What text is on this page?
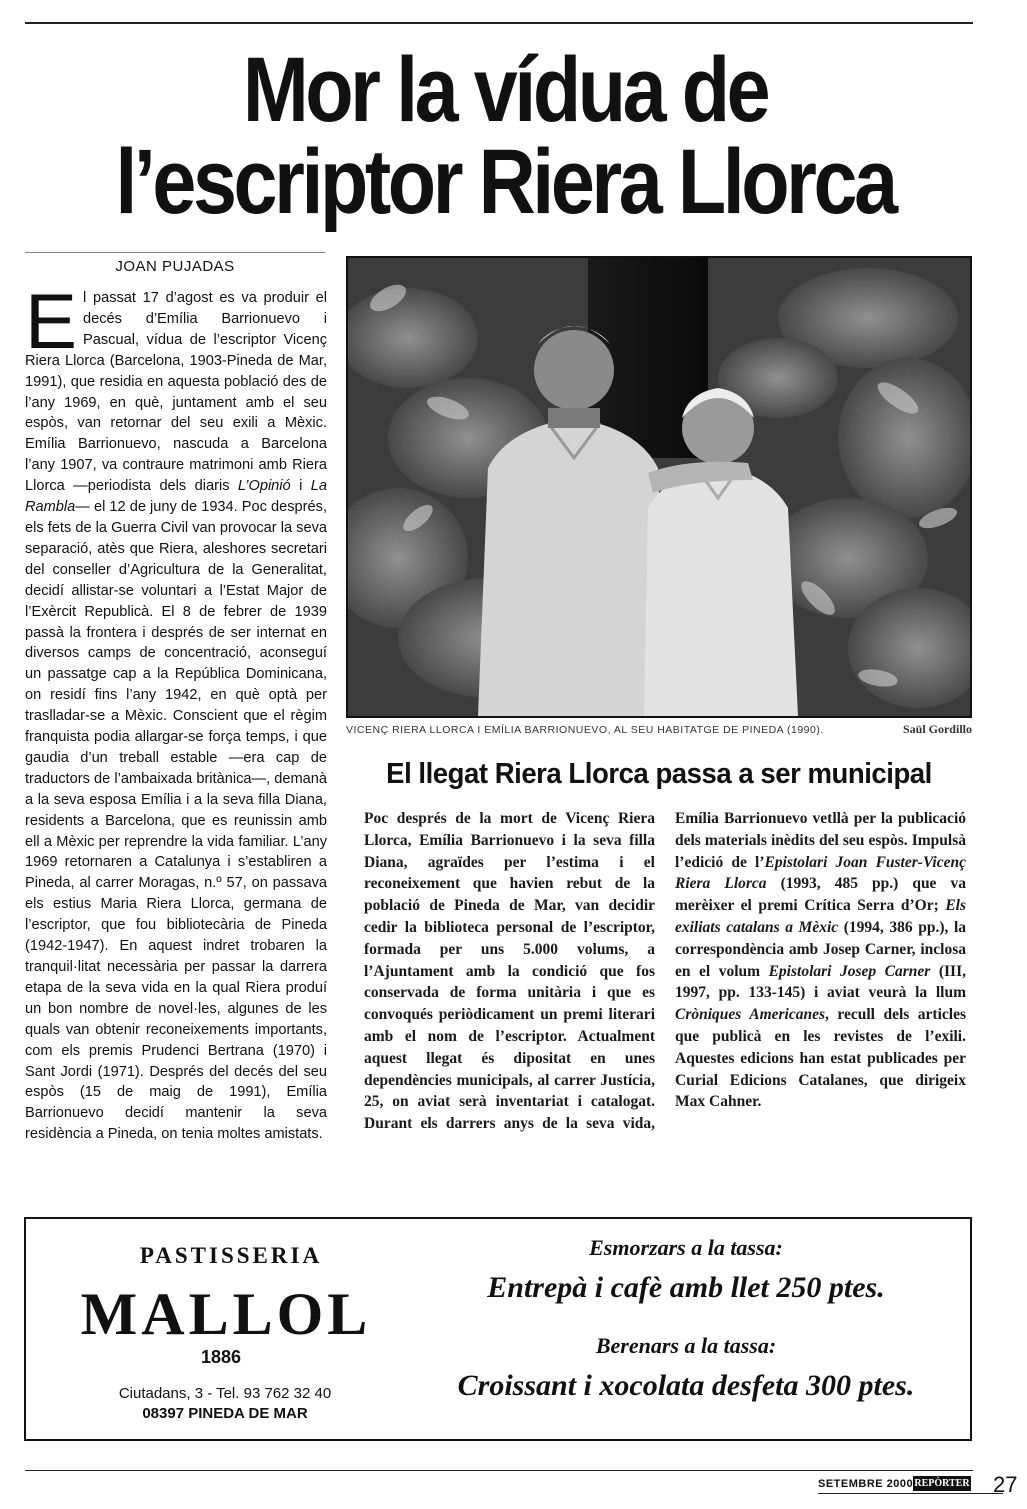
Mor la vídua de
l’escriptor Riera Llorca
JOAN PUJADAS
El passat 17 d’agost es va produir el decés d’Emília Barrionuevo i Pascual, vídua de l’escriptor Vicenç Riera Llorca (Barcelona, 1903-Pineda de Mar, 1991), que residia en aquesta població des de l’any 1969, en què, juntament amb el seu espòs, van retornar del seu exili a Mèxic. Emília Barrionuevo, nascuda a Barcelona l’any 1907, va contraure matrimoni amb Riera Llorca —periodista dels diaris L’Opinió i La Rambla— el 12 de juny de 1934. Poc després, els fets de la Guerra Civil van provocar la seva separació, atès que Riera, aleshores secretari del conseller d’Agricultura de la Generalitat, decidí allistar-se voluntari a l’Estat Major de l’Exèrcit Republicà. El 8 de febrer de 1939 passà la frontera i després de ser internat en diversos camps de concentració, aconseguí un passatge cap a la República Dominicana, on residí fins l’any 1942, en què optà per traslladar-se a Mèxic. Conscient que el règim franquista podia allargar-se força temps, i que gaudia d’un treball estable —era cap de traductors de l’ambaixada britànica—, demanà a la seva esposa Emília i a la seva filla Diana, residents a Barcelona, que es reunissin amb ell a Mèxic per reprendre la vida familiar. L’any 1969 retornaren a Catalunya i s’establiren a Pineda, al carrer Moragas, n.º 57, on passava els estius Maria Riera Llorca, germana de l’escriptor, que fou bibliotecària de Pineda (1942-1947). En aquest indret trobaren la tranquil·litat necessària per passar la darrera etapa de la seva vida en la qual Riera produí un bon nombre de novel·les, algunes de les quals van obtenir reconeixements importants, com els premis Prudenci Bertrana (1970) i Sant Jordi (1971). Després del decés del seu espòs (15 de maig de 1991), Emília Barrionuevo decidí mantenir la seva residència a Pineda, on tenia moltes amistats.
VICENÇ RIERA LLORCA I EMÍLIA BARRIONUEVO, AL SEU HABITATGE DE PINEDA (1990).	Saül Gordillo
El llegat Riera Llorca passa a ser municipal
Poc després de la mort de Vicenç Riera Llorca, Emília Barrionuevo i la seva filla Diana, agraïdes per l’estima i el reconeixement que havien rebut de la població de Pineda de Mar, van decidir cedir la biblioteca personal de l’escriptor, formada per uns 5.000 volums, a l’Ajuntament amb la condició que fos conservada de forma unitària i que es convoqués periòdicament un premi literari amb el nom de l’escriptor. Actualment aquest llegat és dipositat en unes dependències municipals, al carrer Justícia, 25, on aviat serà inventariat i catalogat. Durant els darrers anys de la seva vida, Emília Barrionuevo vetllà per la publicació dels materials inèdits del seu espòs. Impulsà l’edició de l’Epistolari Joan Fuster-Vicenç Riera Llorca (1993, 485 pp.) que va merèixer el premi Crítica Serra d’Or; Els exiliats catalans a Mèxic (1994, 386 pp.), la correspondència amb Josep Carner, inclosa en el volum Epistolari Josep Carner (III, 1997, pp. 133-145) i aviat veurà la llum Cròniques Americanes, recull dels articles que publicà en les revistes de l’exili. Aquestes edicions han estat publicades per Curial Edicions Catalanes, que dirigeix Max Cahner.
PASTISSERIA
MALLOL
1886
Ciutadans, 3 - Tel. 93 762 32 40
08397 PINEDA DE MAR
Esmorzars a la tassa:
Entrepà i cafè amb llet 250 ptes.
Berenars a la tassa:
Croissant i xocolata desfeta 300 ptes.
SETEMBRE 2000 REPÒRTER 27
